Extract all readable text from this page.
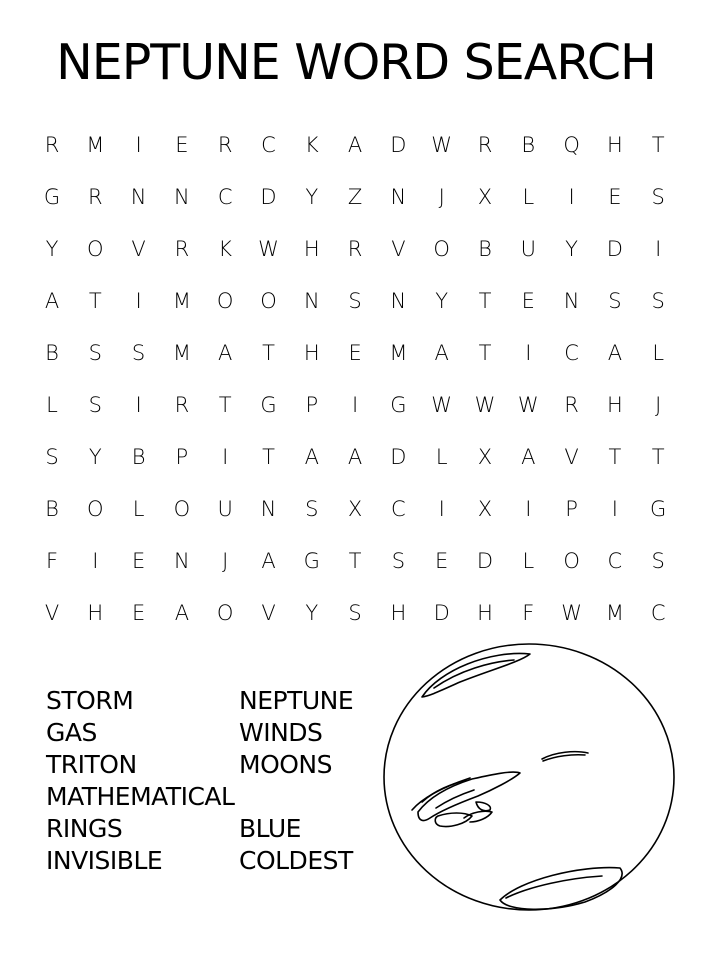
NEPTUNE WORD SEARCH
R M	I	E	R C K A D W R B Q H	T
G R N N C D	Y	Z N	J	X	L	I	E	S
Y	O V R K W H R V O B U	Y	D	I
A	T	I	M O O N	S	N	Y	T	E	N	S	S
B	S	S	M A	T	H	E	M A	T	I	C A	L
L	S	I	R	T	G	P	I	G W W W R H	J
S	Y	B	P	I	T	A A D	L	X A V	T	T
B O	L	O U N	S	X C	I	X	I	P	I	G
F	I	E	N	J	A G	T	S	E	D	L	O C	S
V H	E	A O V	Y	S	H D H	F	W M C
STORM
GAS
TRITON
MATHEMATICAL
RINGS
INVISIBLE
NEPTUNE
WINDS
MOONS
BLUE
COLDEST
